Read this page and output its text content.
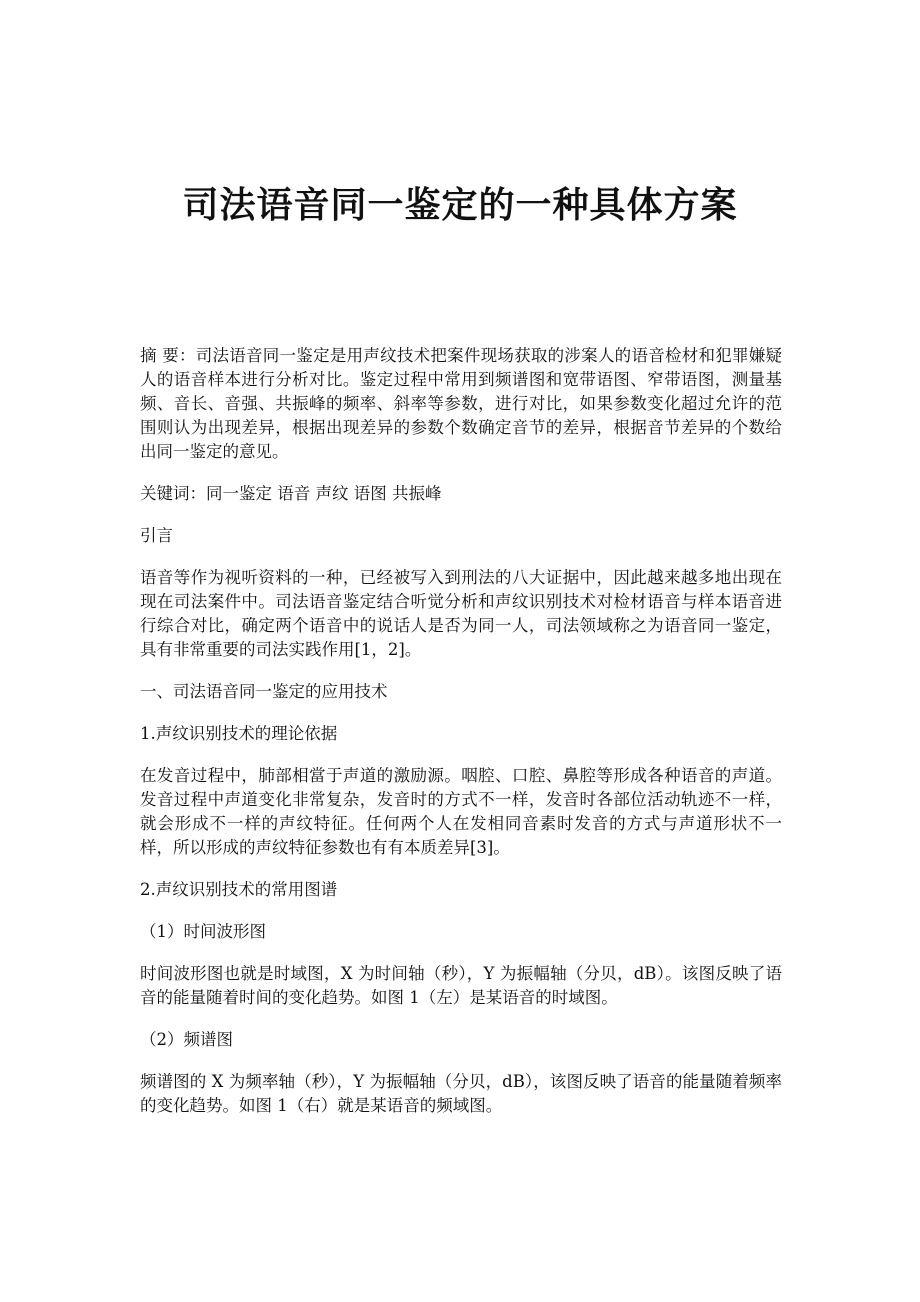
司法语音同一鉴定的一种具体方案

摘 要：司法语音同一鉴定是用声纹技术把案件现场获取的涉案人的语音检材和犯罪嫌疑人的语音样本进行分析对比。鉴定过程中常用到频谱图和宽带语图、窄带语图，测量基频、音长、音强、共振峰的频率、斜率等参数，进行对比，如果参数变化超过允许的范围则认为出现差异，根据出现差异的参数个数确定音节的差异，根据音节差异的个数给出同一鉴定的意见。

关键词：同一鉴定 语音 声纹 语图 共振峰

引言

语音等作为视听资料的一种，已经被写入到刑法的八大证据中，因此越来越多地出现在现在司法案件中。司法语音鉴定结合听觉分析和声纹识别技术对检材语音与样本语音进行综合对比，确定两个语音中的说话人是否为同一人，司法领域称之为语音同一鉴定，具有非常重要的司法实践作用[1，2]。

一、司法语音同一鉴定的应用技术

1.声纹识别技术的理论依据

在发音过程中，肺部相當于声道的激励源。咽腔、口腔、鼻腔等形成各种语音的声道。发音过程中声道变化非常复杂，发音时的方式不一样，发音时各部位活动轨迹不一样，就会形成不一样的声纹特征。任何两个人在发相同音素时发音的方式与声道形状不一样，所以形成的声纹特征参数也有有本质差异[3]。

2.声纹识别技术的常用图谱

（1）时间波形图

时间波形图也就是时域图，X 为时间轴（秒），Y 为振幅轴（分贝，dB）。该图反映了语音的能量随着时间的变化趋势。如图 1（左）是某语音的时域图。

（2）频谱图

频谱图的 X 为频率轴（秒），Y 为振幅轴（分贝，dB），该图反映了语音的能量随着频率的变化趋势。如图 1（右）就是某语音的频域图。
